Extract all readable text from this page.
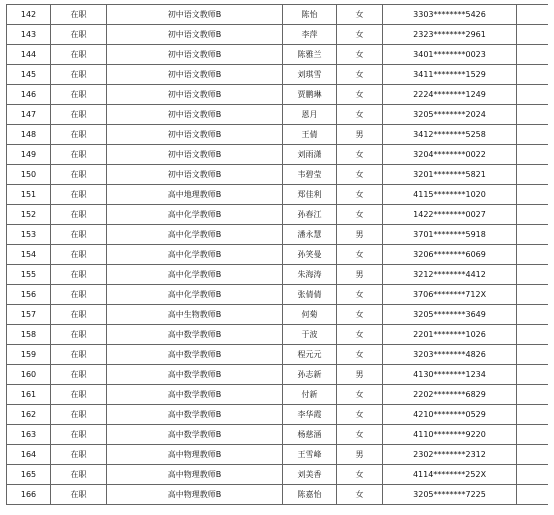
142	在职	初中语文教师B	陈怡	女	3303********5426	
143	在职	初中语文教师B	李萍	女	2323********2961	
144	在职	初中语文教师B	陈雅兰	女	3401********0023	
145	在职	初中语文教师B	刘琪雪	女	3411********1529	
146	在职	初中语文教师B	贾鹏琳	女	2224********1249	
147	在职	初中语文教师B	恩月	女	3205********2024	
148	在职	初中语文教师B	王倩	男	3412********5258	
149	在职	初中语文教师B	刘雨潇	女	3204********0022	
150	在职	初中语文教师B	韦碧莹	女	3201********5821	
151	在职	高中地理教师B	郑佳利	女	4115********1020	
152	在职	高中化学教师B	孙春江	女	1422********0027	
153	在职	高中化学教师B	潘永慧	男	3701********5918	
154	在职	高中化学教师B	孙笑曼	女	3206********6069	
155	在职	高中化学教师B	朱海涛	男	3212********4412	
156	在职	高中化学教师B	张倩倩	女	3706********712X	
157	在职	高中生物教师B	何菊	女	3205********3649	
158	在职	高中数学教师B	于波	女	2201********1026	
159	在职	高中数学教师B	程元元	女	3203********4826	
160	在职	高中数学教师B	孙志新	男	4130********1234	
161	在职	高中数学教师B	付新	女	2202********6829	
162	在职	高中数学教师B	李华霞	女	4210********0529	
163	在职	高中数学教师B	杨慈涵	女	4110********9220	
164	在职	高中物理教师B	王雪峰	男	2302********2312	
165	在职	高中物理教师B	刘美香	女	4114********252X	
166	在职	高中物理教师B	陈嘉怡	女	3205********7225	
